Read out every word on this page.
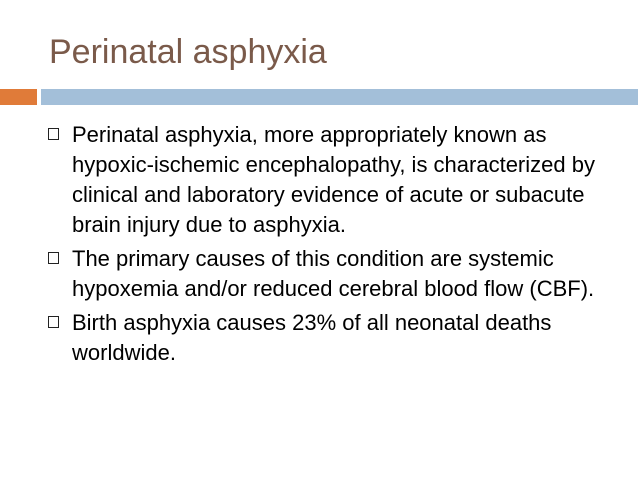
Perinatal asphyxia
Perinatal asphyxia, more appropriately known as hypoxic-ischemic encephalopathy, is characterized by clinical and laboratory evidence of acute or subacute brain injury due to asphyxia.
The primary causes of this condition are systemic hypoxemia and/or reduced cerebral blood flow (CBF).
Birth asphyxia causes 23% of all neonatal deaths worldwide.
